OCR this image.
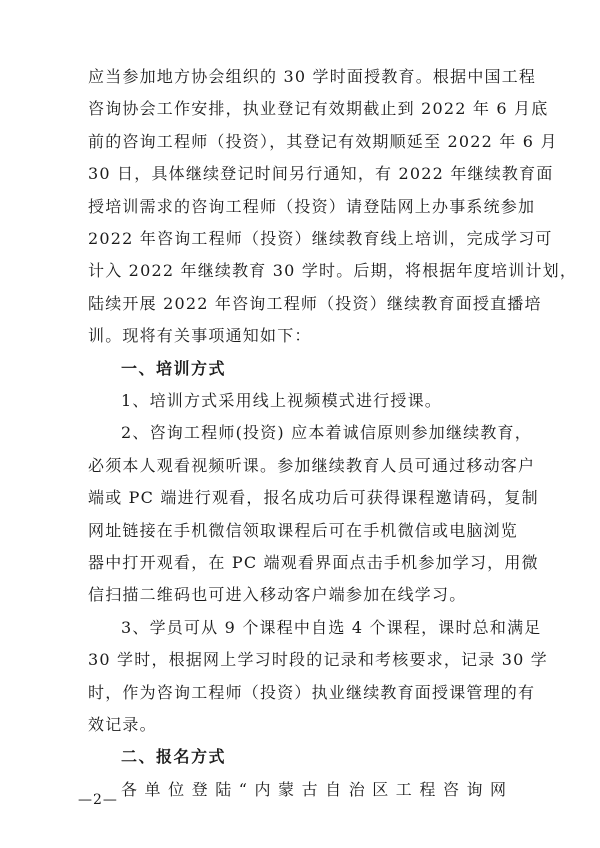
应当参加地方协会组织的 30 学时面授教育。根据中国工程
咨询协会工作安排，执业登记有效期截止到 2022 年 6 月底
前的咨询工程师（投资），其登记有效期顺延至 2022 年 6 月
30 日，具体继续登记时间另行通知，有 2022 年继续教育面
授培训需求的咨询工程师（投资）请登陆网上办事系统参加
2022 年咨询工程师（投资）继续教育线上培训，完成学习可
计入 2022 年继续教育 30 学时。后期，将根据年度培训计划，
陆续开展 2022 年咨询工程师（投资）继续教育面授直播培
训。现将有关事项通知如下：
一、培训方式
1、培训方式采用线上视频模式进行授课。
2、咨询工程师(投资) 应本着诚信原则参加继续教育，
必须本人观看视频听课。参加继续教育人员可通过移动客户
端或 PC 端进行观看，报名成功后可获得课程邀请码，复制
网址链接在手机微信领取课程后可在手机微信或电脑浏览
器中打开观看，在 PC 端观看界面点击手机参加学习，用微
信扫描二维码也可进入移动客户端参加在线学习。
3、学员可从 9 个课程中自选 4 个课程，课时总和满足
30 学时，根据网上学习时段的记录和考核要求，记录 30 学
时，作为咨询工程师（投资）执业继续教育面授课管理的有
效记录。
—2—
二、报名方式
各单位登陆“内蒙古自治区工程咨询网
